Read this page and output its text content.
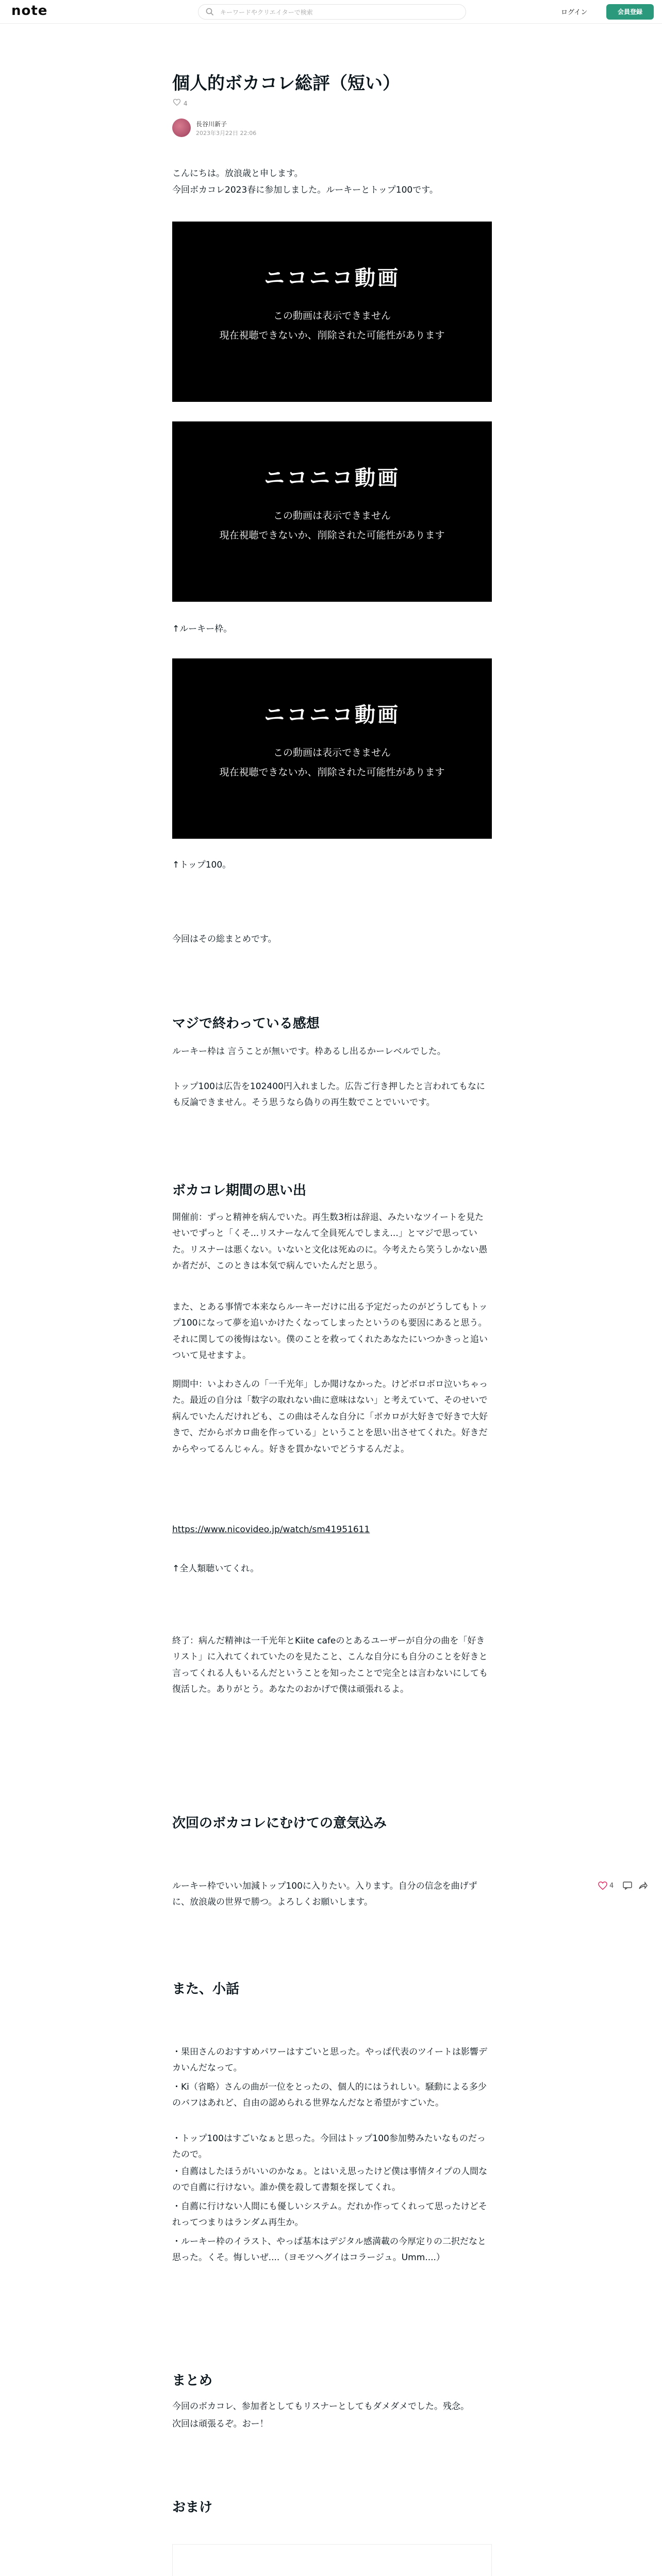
note
キーワードやクリエイターで検索	ログイン	会員登録
個人的ボカコレ総評（短い）
4
長谷川新子
2023年3月22日 22:06
こんにちは。放浪歳と申します。
今回ボカコレ2023春に参加しました。ルーキーとトップ100です。
ニコニコ動画
この動画は表示できません
現在視聴できないか、削除された可能性があります
ニコニコ動画
この動画は表示できません
現在視聴できないか、削除された可能性があります
↑ルーキー枠。
ニコニコ動画
この動画は表示できません
現在視聴できないか、削除された可能性があります
↑トップ100。
今回はその総まとめです。
マジで終わっている感想
ルーキー枠は 言うことが無いです。枠あるし出るかーレベルでした。
トップ100は広告を102400円入れました。広告ご行き押したと言われてもなにも反論できません。そう思うなら偽りの再生数でことでいいです。
ボカコレ期間の思い出
開催前：ずっと精神を病んでいた。再生数3桁は辞退、みたいなツイートを見たせいでずっと「くそ...リスナーなんて全員死んでしまえ...」とマジで思っていた。リスナーは悪くない。いないと文化は死ぬのに。今考えたら笑うしかない愚か者だが、このときは本気で病んでいたんだと思う。
また、とある事情で本来ならルーキーだけに出る予定だったのがどうしてもトップ100になって夢を追いかけたくなってしまったというのも要因にあると思う。それに関しての後悔はない。僕のことを救ってくれたあなたにいつかきっと追いついて見せますよ。
期間中：いよわさんの「一千光年」しか聞けなかった。けどボロボロ泣いちゃった。最近の自分は「数字の取れない曲に意味はない」と考えていて、そのせいで病んでいたんだけれども、この曲はそんな自分に「ボカロが大好きで好きで大好きで、だからボカロ曲を作っている」ということを思い出させてくれた。好きだからやってるんじゃん。好きを貫かないでどうするんだよ。
https://www.nicovideo.jp/watch/sm41951611
↑全人類聴いてくれ。
終了：病んだ精神は一千光年とKiite cafeのとあるユーザーが自分の曲を「好きリスト」に入れてくれていたのを見たこと、こんな自分にも自分のことを好きと言ってくれる人もいるんだということを知ったことで完全とは言わないにしても復活した。ありがとう。あなたのおかげで僕は頑張れるよ。
次回のボカコレにむけての意気込み
ルーキー枠でいい加減トップ100に入りたい。入ります。自分の信念を曲げずに、放浪歳の世界で勝つ。よろしくお願いします。
また、小話
・果田さんのおすすめパワーはすごいと思った。やっぱ代表のツイートは影響デカいんだなって。
・Ki（省略）さんの曲が一位をとったの、個人的にはうれしい。騒動による多少のバフはあれど、自由の認められる世界なんだなと希望がすごいた。
・トップ100はすごいなぁと思った。今回はトップ100参加勢みたいなものだったので。
・自薦はしたほうがいいのかなぁ。とはいえ思ったけど僕は事情タイプの人間なので自薦に行けない。誰か僕を殺して書類を探してくれ。
・自薦に行けない人間にも優しいシステム。だれか作ってくれって思ったけどそれってつまりはランダム再生か。
・ルーキー枠のイラスト、やっぱ基本はデジタル感満載の今厚定りの二択だなと思った。くそ。悔しいぜ....（ヨモツヘグイはコラージュ。Umm....）
まとめ
今回のボカコレ、参加者としてもリスナーとしてもダメダメでした。残念。
次回は頑張るぞ。おー！
おまけ
4
